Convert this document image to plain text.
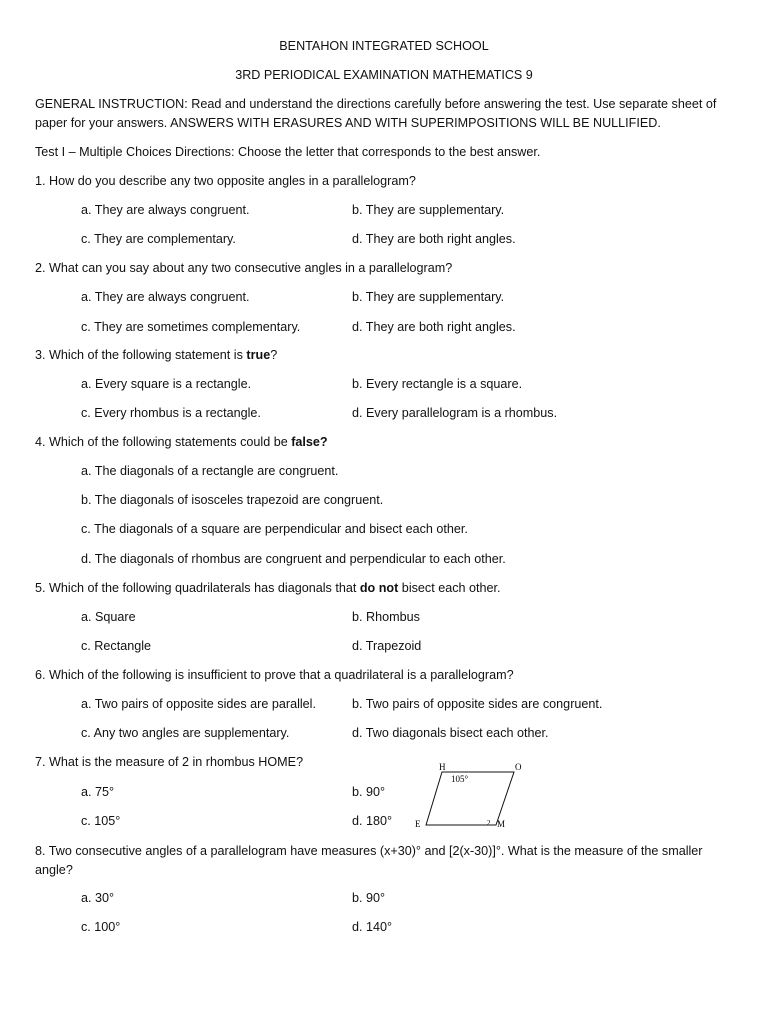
BENTAHON INTEGRATED SCHOOL
3RD PERIODICAL EXAMINATION MATHEMATICS 9
GENERAL INSTRUCTION: Read and understand the directions carefully before answering the test. Use separate sheet of paper for your answers. ANSWERS WITH ERASURES AND WITH SUPERIMPOSITIONS WILL BE NULLIFIED.
Test I – Multiple Choices Directions: Choose the letter that corresponds to the best answer.
1. How do you describe any two opposite angles in a parallelogram?
a. They are always congruent.	b. They are supplementary.
c. They are complementary.	d. They are both right angles.
2. What can you say about any two consecutive angles in a parallelogram?
a. They are always congruent.	b. They are supplementary.
c. They are sometimes complementary.	d. They are both right angles.
3. Which of the following statement is true?
a. Every square is a rectangle.	b. Every rectangle is a square.
c. Every rhombus is a rectangle.	d. Every parallelogram is a rhombus.
4. Which of the following statements could be false?
a. The diagonals of a rectangle are congruent.
b. The diagonals of isosceles trapezoid are congruent.
c. The diagonals of a square are perpendicular and bisect each other.
d. The diagonals of rhombus are congruent and perpendicular to each other.
5. Which of the following quadrilaterals has diagonals that do not bisect each other.
a. Square	b. Rhombus
c. Rectangle	d. Trapezoid
6. Which of the following is insufficient to prove that a quadrilateral is a parallelogram?
a. Two pairs of opposite sides are parallel.	b. Two pairs of opposite sides are congruent.
c. Any two angles are supplementary.	d. Two diagonals bisect each other.
7. What is the measure of 2 in rhombus HOME?
a. 75°	b. 90°
c. 105°	d. 180°
H	O
E	M
105°
2
8. Two consecutive angles of a parallelogram have measures (x+30)° and [2(x-30)]°. What is the measure of the smaller angle?
a. 30°	b. 90°
c. 100°	d. 140°
